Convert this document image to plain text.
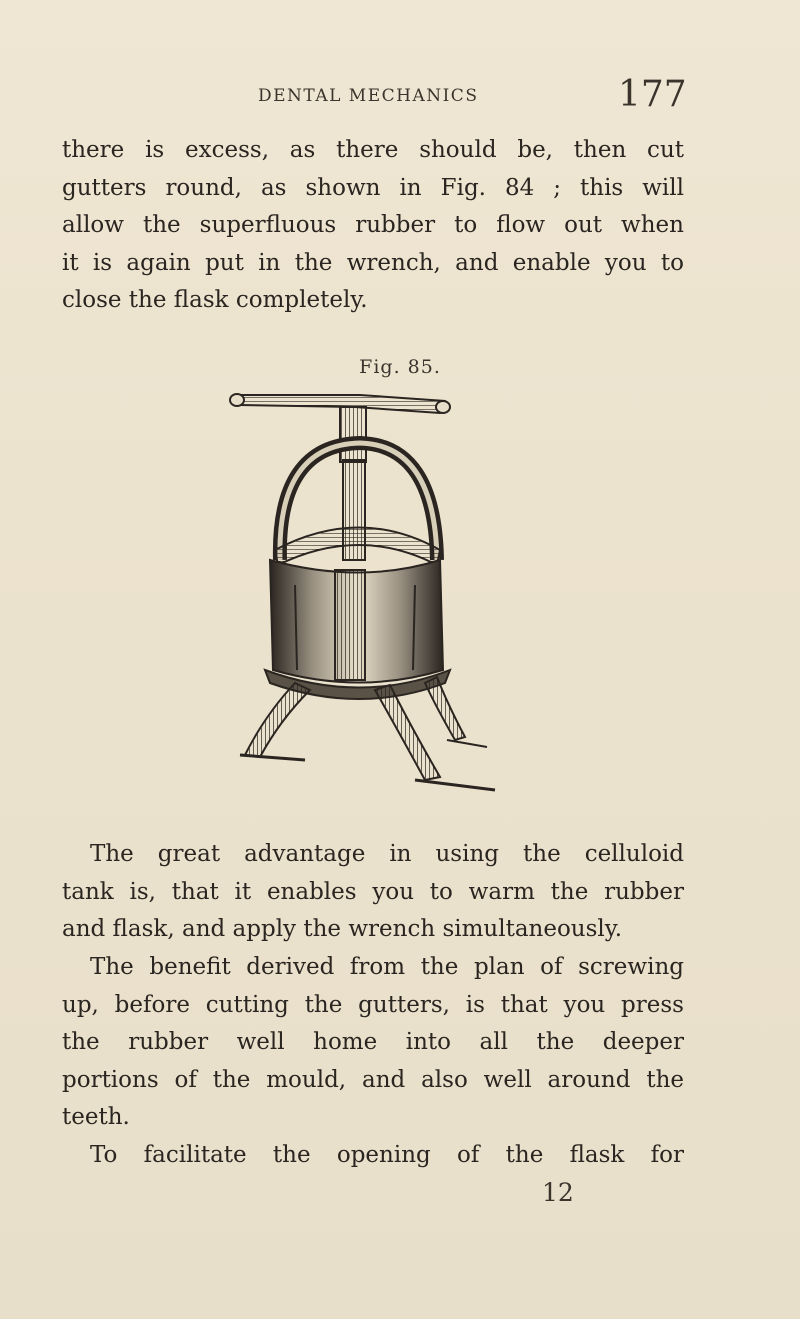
DENTAL MECHANICS	177
there is excess, as there should be, then cut
gutters round, as shown in Fig. 84 ; this will
allow the superfluous rubber to flow out when
it is again put in the wrench, and enable you to
close the flask completely.
Fig. 85.
The great advantage in using the celluloid
tank is, that it enables you to warm the rubber
and flask, and apply the wrench simultaneously.
The benefit derived from the plan of screwing
up, before cutting the gutters, is that you press
the rubber well home into all the deeper
portions of the mould, and also well around the
teeth.
To facilitate the opening of the flask for
12
